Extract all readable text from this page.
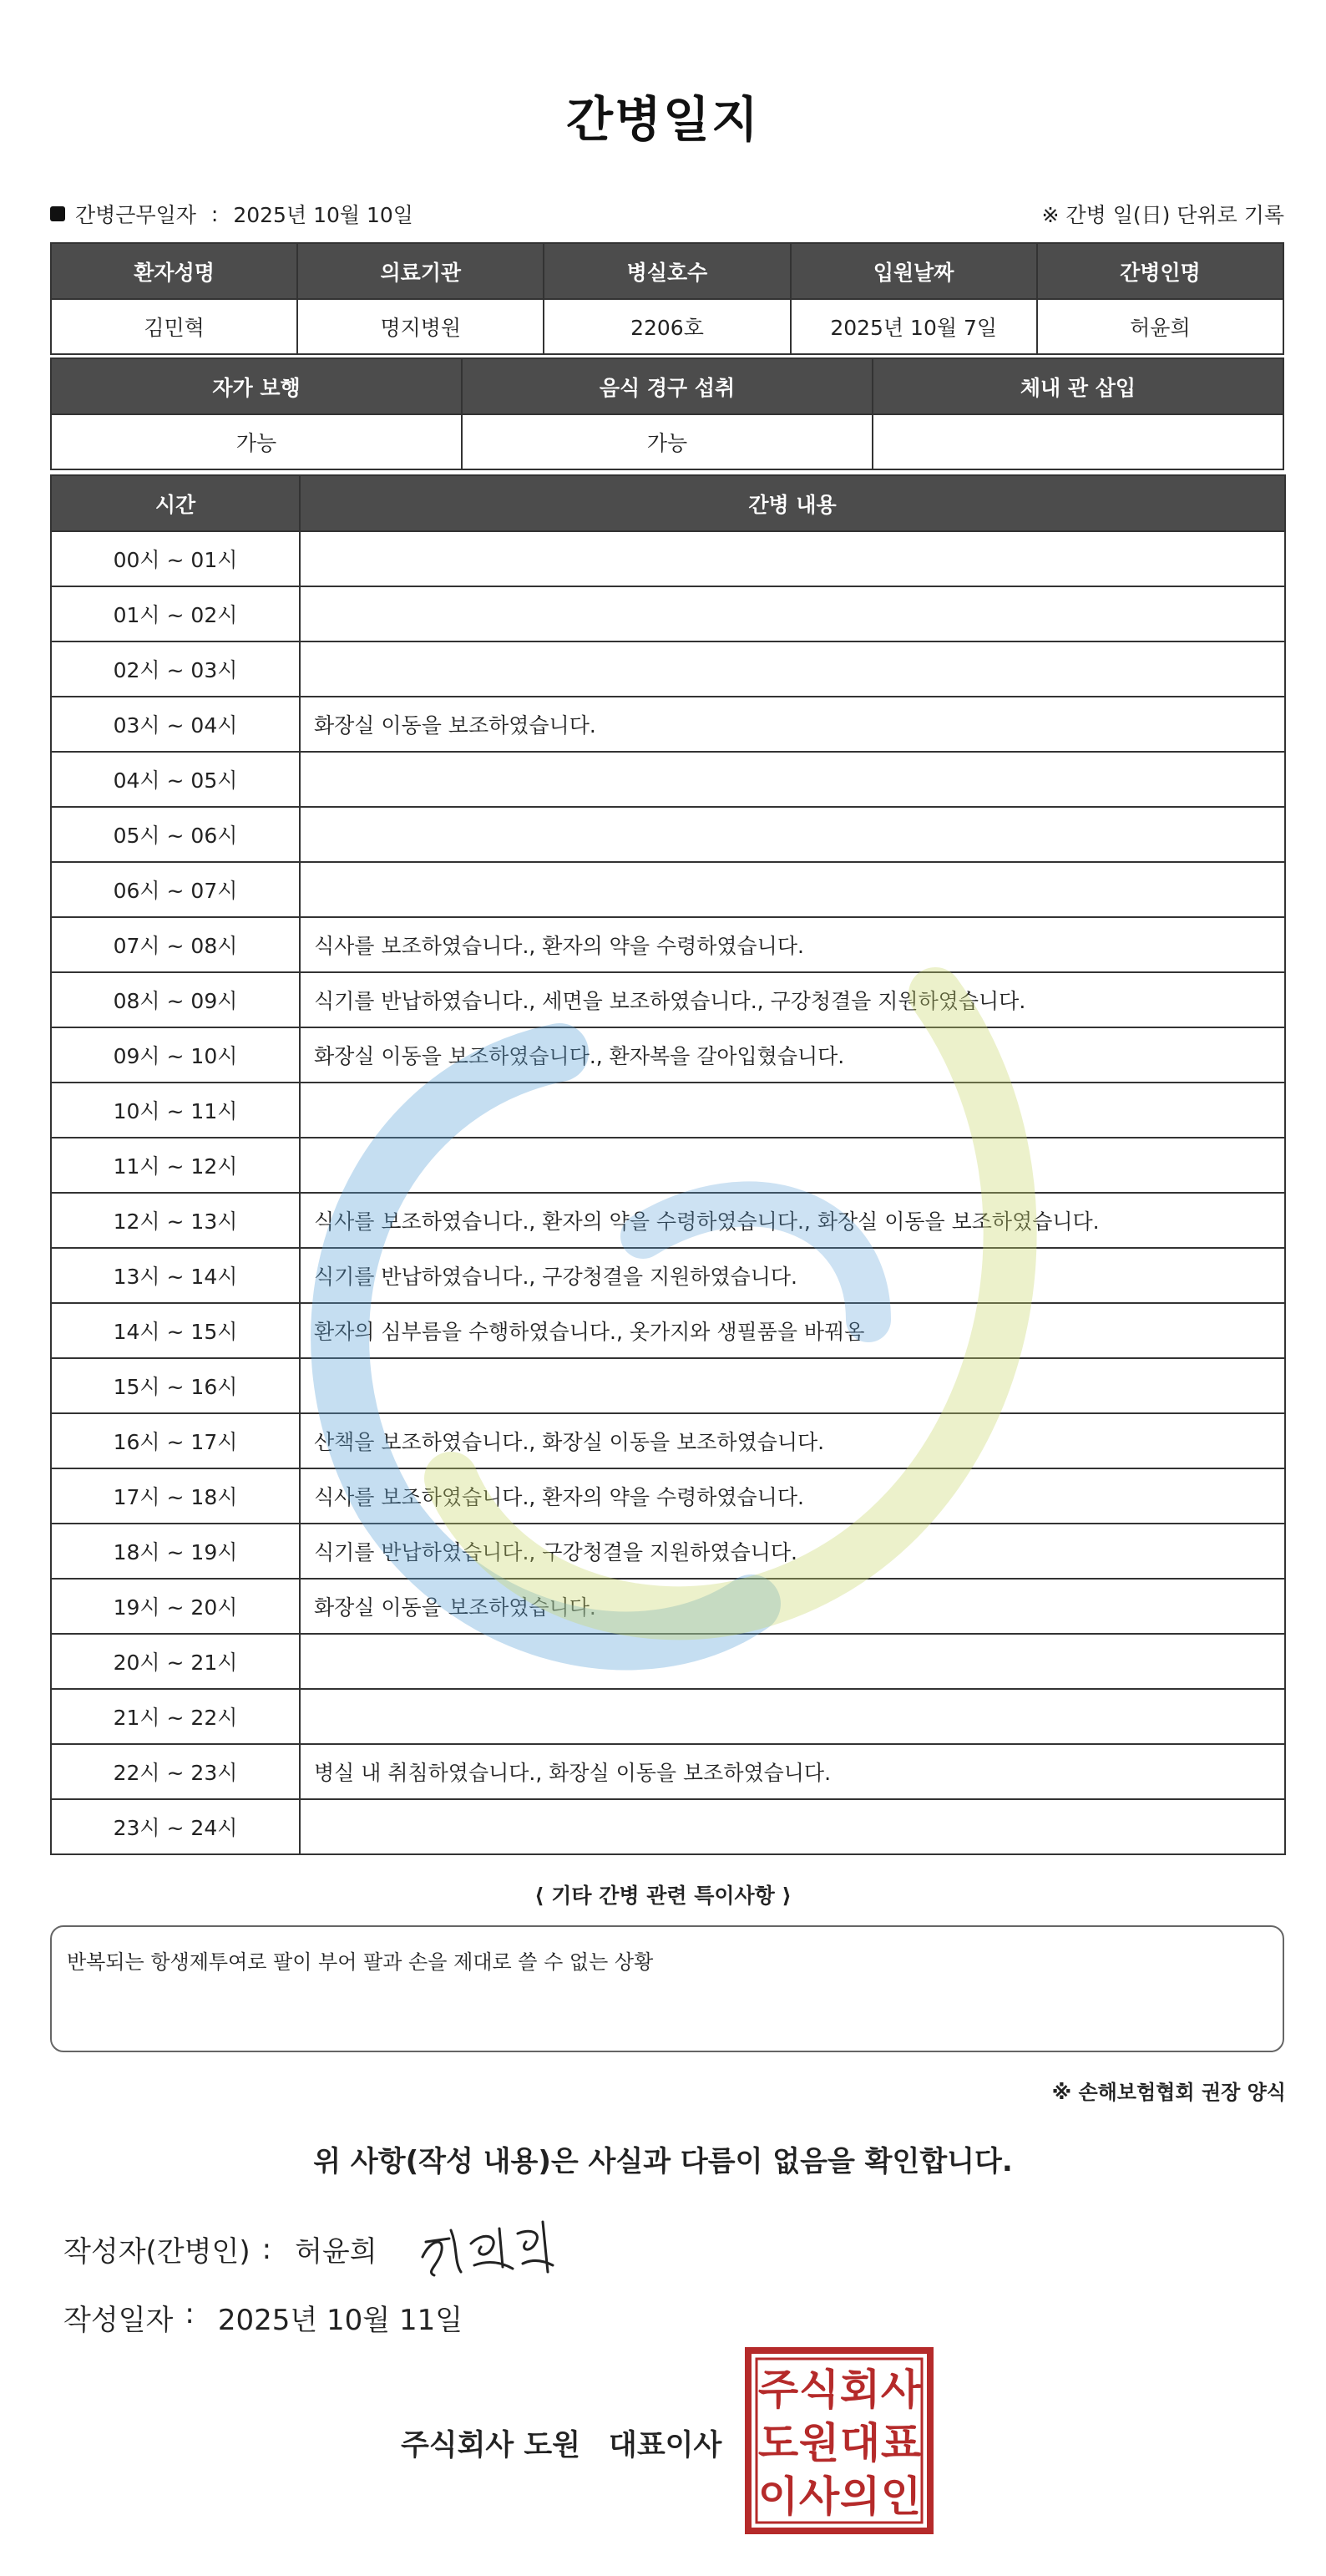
간병일지
간병근무일자 : 2025년 10월 10일	※ 간병 일(日) 단위로 기록
환자성명	의료기관	병실호수	입원날짜	간병인명
김민혁	명지병원	2206호	2025년 10월 7일	허윤희
자가 보행	음식 경구 섭취	체내 관 삽입
가능	가능	
시간	간병 내용
00시 ~ 01시	
01시 ~ 02시	
02시 ~ 03시	
03시 ~ 04시	화장실 이동을 보조하였습니다.
04시 ~ 05시	
05시 ~ 06시	
06시 ~ 07시	
07시 ~ 08시	식사를 보조하였습니다., 환자의 약을 수령하였습니다.
08시 ~ 09시	식기를 반납하였습니다., 세면을 보조하였습니다., 구강청결을 지원하였습니다.
09시 ~ 10시	화장실 이동을 보조하였습니다., 환자복을 갈아입혔습니다.
10시 ~ 11시	
11시 ~ 12시	
12시 ~ 13시	식사를 보조하였습니다., 환자의 약을 수령하였습니다., 화장실 이동을 보조하였습니다.
13시 ~ 14시	식기를 반납하였습니다., 구강청결을 지원하였습니다.
14시 ~ 15시	환자의 심부름을 수행하였습니다., 옷가지와 생필품을 바꿔옴
15시 ~ 16시	
16시 ~ 17시	산책을 보조하였습니다., 화장실 이동을 보조하였습니다.
17시 ~ 18시	식사를 보조하였습니다., 환자의 약을 수령하였습니다.
18시 ~ 19시	식기를 반납하였습니다., 구강청결을 지원하였습니다.
19시 ~ 20시	화장실 이동을 보조하였습니다.
20시 ~ 21시	
21시 ~ 22시	
22시 ~ 23시	병실 내 취침하였습니다., 화장실 이동을 보조하였습니다.
23시 ~ 24시	
⟨ 기타 간병 관련 특이사항 ⟩
반복되는 항생제투여로 팔이 부어 팔과 손을 제대로 쓸 수 없는 상황
※ 손해보험협회 권장 양식
위 사항(작성 내용)은 사실과 다름이 없음을 확인합니다.
작성자(간병인) : 허윤희
작성일자 : 2025년 10월 11일
주식회사 도원 대표이사
주 식 회 사
도 원 대 표
이 사 의 인
